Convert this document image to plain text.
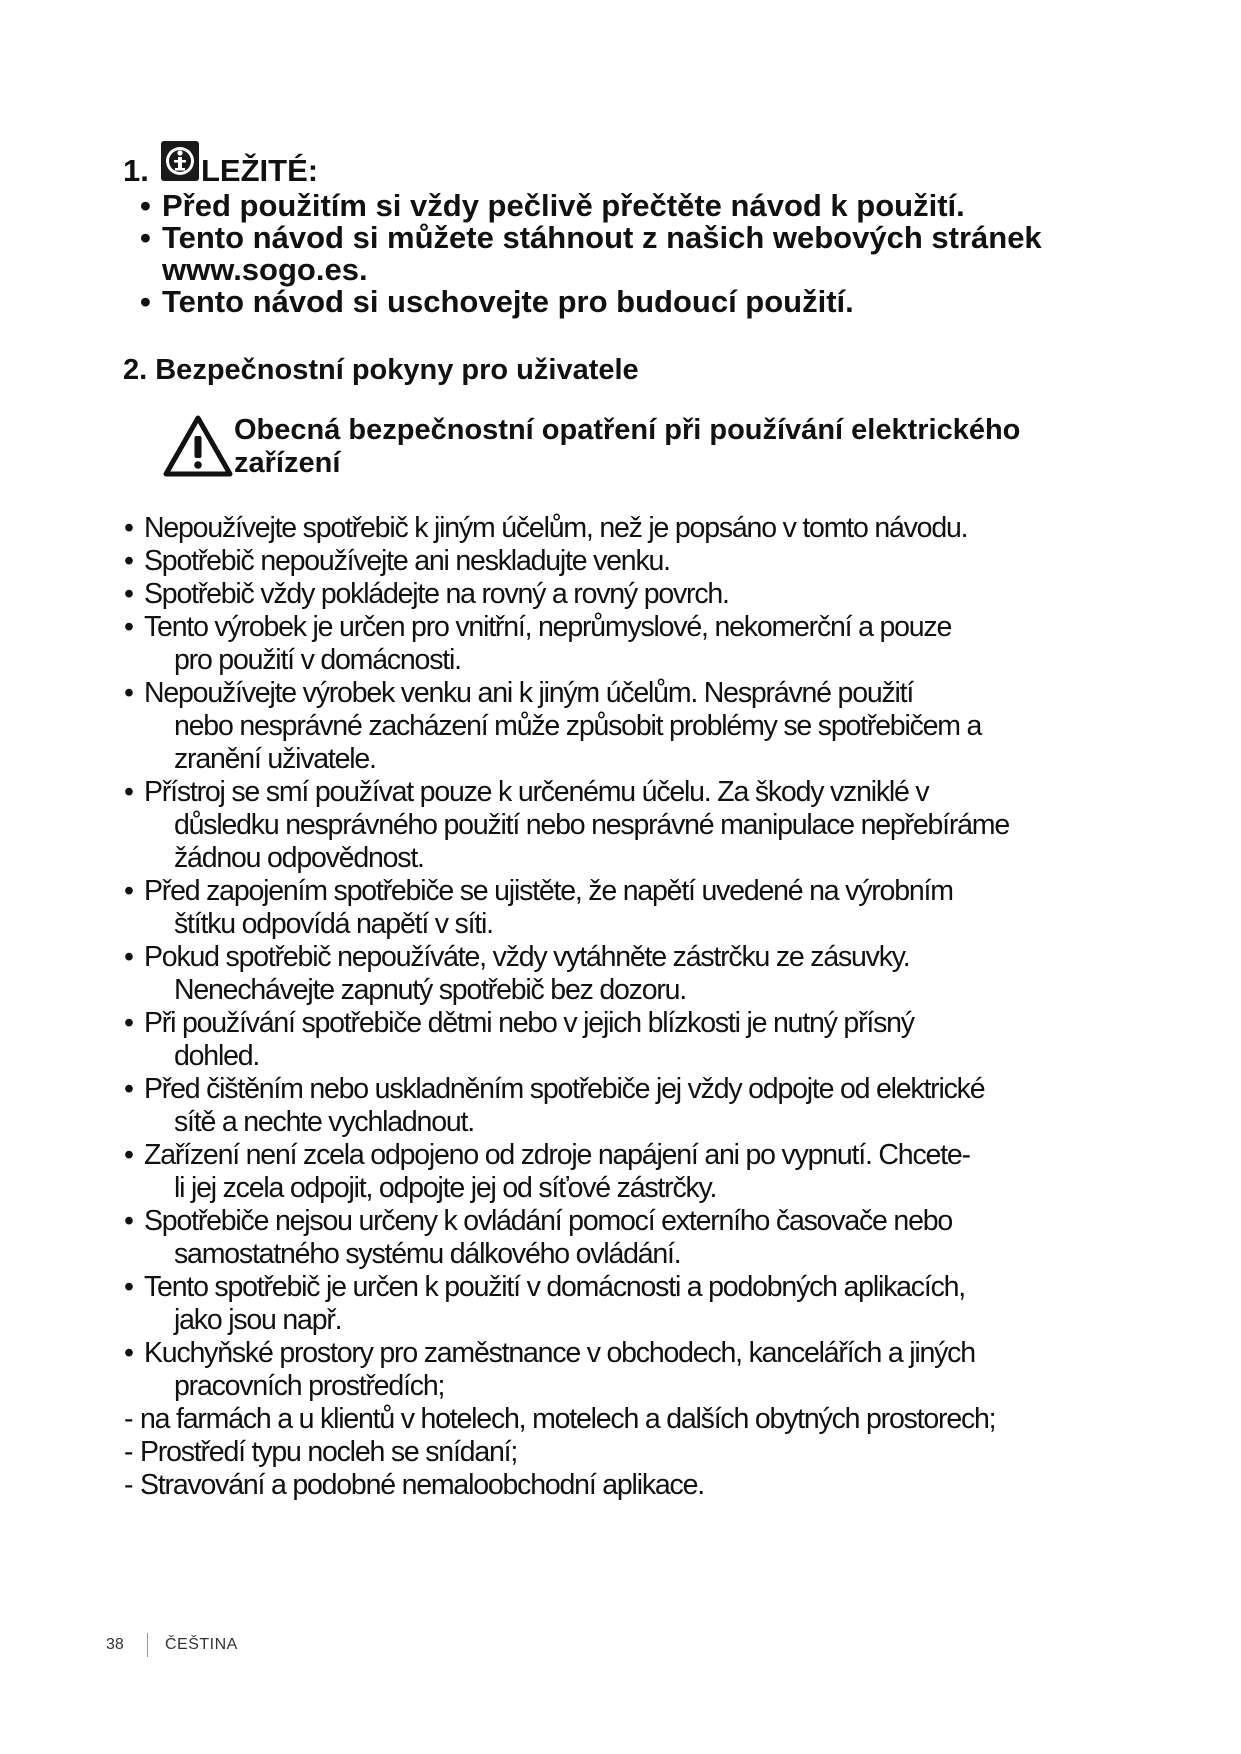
1. LEŽITÉ:
• Před použitím si vždy pečlivě přečtěte návod k použití.
• Tento návod si můžete stáhnout z našich webových stránek
www.sogo.es.
• Tento návod si uschovejte pro budoucí použití.
2. Bezpečnostní pokyny pro uživatele
Obecná bezpečnostní opatření při používání elektrického
zařízení
• Nepoužívejte spotřebič k jiným účelům, než je popsáno v tomto návodu.
• Spotřebič nepoužívejte ani neskladujte venku.
• Spotřebič vždy pokládejte na rovný a rovný povrch.
• Tento výrobek je určen pro vnitřní, neprůmyslové, nekomerční a pouze
pro použití v domácnosti.
• Nepoužívejte výrobek venku ani k jiným účelům. Nesprávné použití
nebo nesprávné zacházení může způsobit problémy se spotřebičem a
zranění uživatele.
• Přístroj se smí používat pouze k určenému účelu. Za škody vzniklé v
důsledku nesprávného použití nebo nesprávné manipulace nepřebíráme
žádnou odpovědnost.
• Před zapojením spotřebiče se ujistěte, že napětí uvedené na výrobním
štítku odpovídá napětí v síti.
• Pokud spotřebič nepoužíváte, vždy vytáhněte zástrčku ze zásuvky.
Nenechávejte zapnutý spotřebič bez dozoru.
• Při používání spotřebiče dětmi nebo v jejich blízkosti je nutný přísný
dohled.
• Před čištěním nebo uskladněním spotřebiče jej vždy odpojte od elektrické
sítě a nechte vychladnout.
• Zařízení není zcela odpojeno od zdroje napájení ani po vypnutí. Chcete-
li jej zcela odpojit, odpojte jej od síťové zástrčky.
• Spotřebiče nejsou určeny k ovládání pomocí externího časovače nebo
samostatného systému dálkového ovládání.
• Tento spotřebič je určen k použití v domácnosti a podobných aplikacích,
jako jsou např.
• Kuchyňské prostory pro zaměstnance v obchodech, kancelářích a jiných
pracovních prostředích;
- na farmách a u klientů v hotelech, motelech a dalších obytných prostorech;
- Prostředí typu nocleh se snídaní;
- Stravování a podobné nemaloobchodní aplikace.
38	ČEŠTINA
